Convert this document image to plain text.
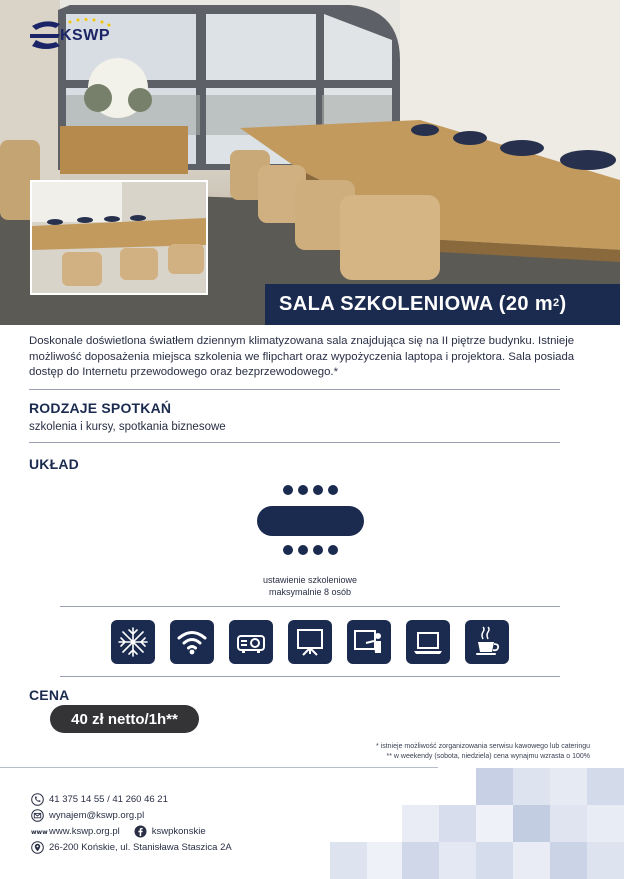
KSWP
SALA SZKOLENIOWA (20 $m^2$ )
Doskonale doświetlona światłem dziennym klimatyzowana sala znajdująca się na II piętrze budynku. Istnieje możliwość doposażenia miejsca szkolenia we flipchart oraz wypożyczenia laptopa i projektora. Sala posiada dostęp do Internetu przewodowego oraz bezprzewodowego.*
RODZAJE SPOTKAŃ
szkolenia i kursy, spotkania biznesowe
UKŁAD
ustawienie szkoleniowe
maksymalnie 8 osób
CENA
40 zł netto/1h**
* istnieje możliwość zorganizowania serwisu kawowego lub cateringu
** w weekendy (sobota, niedziela) cena wynajmu wzrasta o 100%
41 375 14 55 / 41 260 46 21
wynajem@kswp.org.pl
www www.kswp.org.pl	kswpkonskie
26-200 Końskie, ul. Stanisława Staszica 2A
